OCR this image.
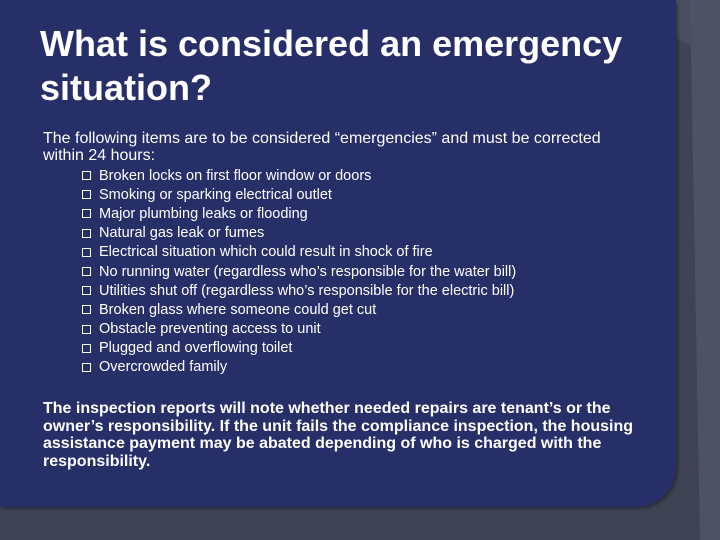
What is considered an emergency situation?
The following items are to be considered “emergencies” and must be corrected within 24 hours:
Broken locks on first floor window or doors
Smoking or sparking electrical outlet
Major plumbing leaks or flooding
Natural gas leak or fumes
Electrical situation which could result in shock of fire
No running water (regardless who’s responsible for the water bill)
Utilities shut off (regardless who’s responsible for the electric bill)
Broken glass where someone could get cut
Obstacle preventing access to unit
Plugged and overflowing toilet
Overcrowded family
The inspection reports will note whether needed repairs are tenant’s or the owner’s responsibility. If the unit fails the compliance inspection, the housing assistance payment may be abated depending of who is charged with the responsibility.
